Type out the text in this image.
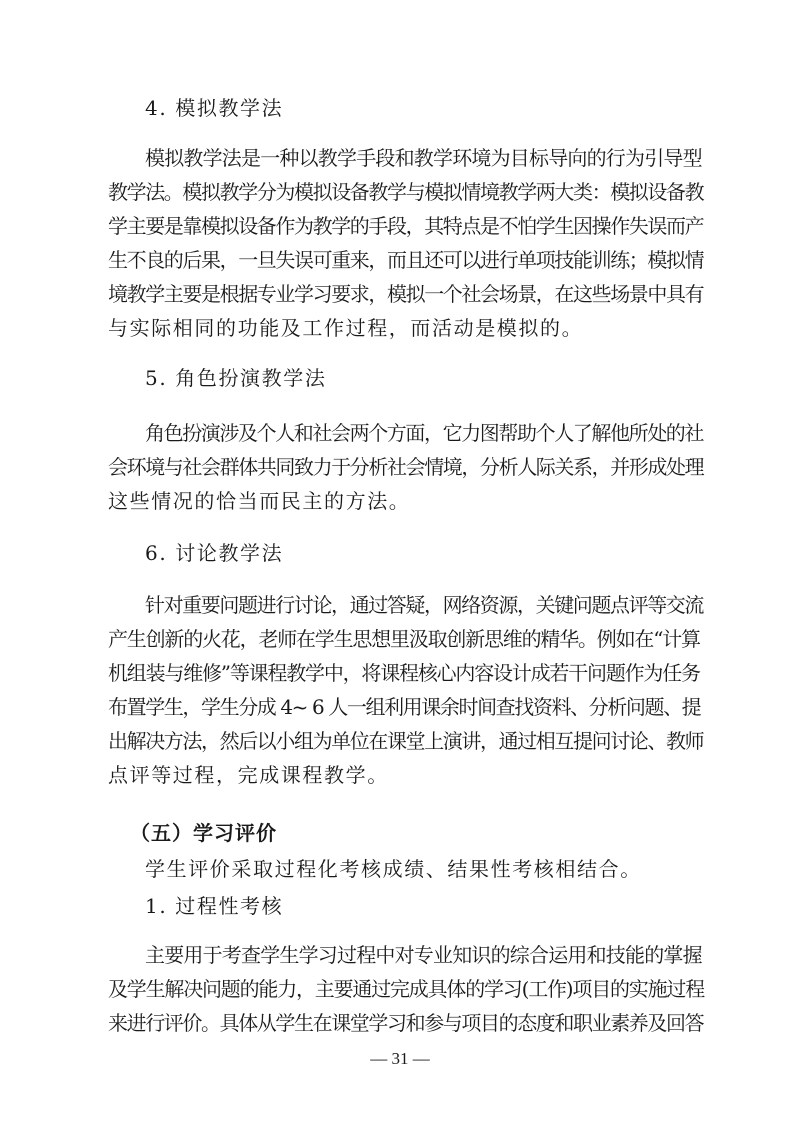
4. 模拟教学法
模拟教学法是一种以教学手段和教学环境为目标导向的行为引导型
教学法。模拟教学分为模拟设备教学与模拟情境教学两大类：模拟设备教
学主要是靠模拟设备作为教学的手段，其特点是不怕学生因操作失误而产
生不良的后果，一旦失误可重来，而且还可以进行单项技能训练；模拟情
境教学主要是根据专业学习要求，模拟一个社会场景，在这些场景中具有
与实际相同的功能及工作过程，而活动是模拟的。
5. 角色扮演教学法
角色扮演涉及个人和社会两个方面，它力图帮助个人了解他所处的社
会环境与社会群体共同致力于分析社会情境，分析人际关系，并形成处理
这些情况的恰当而民主的方法。
6. 讨论教学法
针对重要问题进行讨论，通过答疑，网络资源，关键问题点评等交流
产生创新的火花，老师在学生思想里汲取创新思维的精华。例如在“计算
机组装与维修”等课程教学中，将课程核心内容设计成若干问题作为任务
布置学生，学生分成 4~ 6 人一组利用课余时间查找资料、分析问题、提
出解决方法，然后以小组为单位在课堂上演讲，通过相互提问讨论、教师
点评等过程，完成课程教学。
（五）学习评价
学生评价采取过程化考核成绩、结果性考核相结合。
1. 过程性考核
主要用于考查学生学习过程中对专业知识的综合运用和技能的掌握
及学生解决问题的能力，主要通过完成具体的学习(工作)项目的实施过程
来进行评价。具体从学生在课堂学习和参与项目的态度和职业素养及回答
— 31 —
